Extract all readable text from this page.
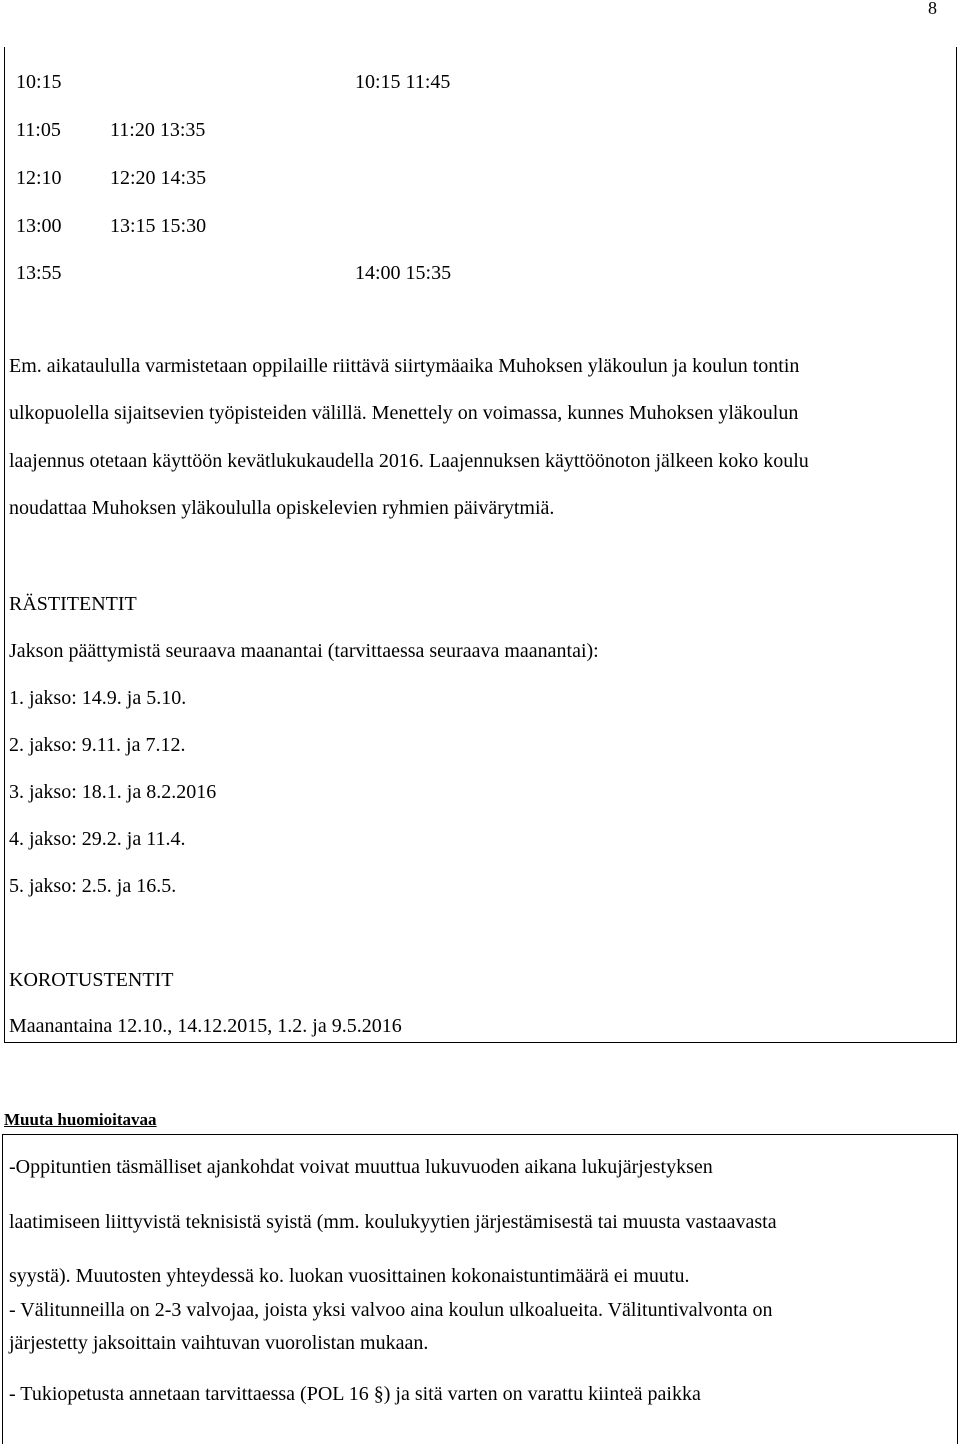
8
10:15	10:15 11:45
11:05 11:20 13:35
12:10 12:20 14:35
13:00 13:15 15:30
13:55	14:00 15:35
Em. aikataululla varmistetaan oppilaille riittävä siirtymäaika Muhoksen yläkoulun ja koulun tontin
ulkopuolella sijaitsevien työpisteiden välillä. Menettely on voimassa, kunnes Muhoksen yläkoulun
laajennus otetaan käyttöön kevätlukukaudella 2016. Laajennuksen käyttöönoton jälkeen koko koulu
noudattaa Muhoksen yläkoululla opiskelevien ryhmien päivärytmiä.
RÄSTITENTIT
Jakson päättymistä seuraava maanantai (tarvittaessa seuraava maanantai):
1. jakso: 14.9. ja 5.10.
2. jakso: 9.11. ja 7.12.
3. jakso: 18.1. ja 8.2.2016
4. jakso: 29.2. ja 11.4.
5. jakso: 2.5. ja 16.5.
KOROTUSTENTIT
Maanantaina 12.10., 14.12.2015, 1.2. ja 9.5.2016
Muuta huomioitavaa
-Oppituntien täsmälliset ajankohdat voivat muuttua lukuvuoden aikana lukujärjestyksen
laatimiseen liittyvistä teknisistä syistä (mm. koulukyytien järjestämisestä tai muusta vastaavasta
syystä). Muutosten yhteydessä ko. luokan vuosittainen kokonaistuntimäärä ei muutu.
- Välitunneilla on 2-3 valvojaa, joista yksi valvoo aina koulun ulkoalueita. Välituntivalvonta on
järjestetty jaksoittain vaihtuvan vuorolistan mukaan.
- Tukiopetusta annetaan tarvittaessa (POL 16 §) ja sitä varten on varattu kiinteä paikka
